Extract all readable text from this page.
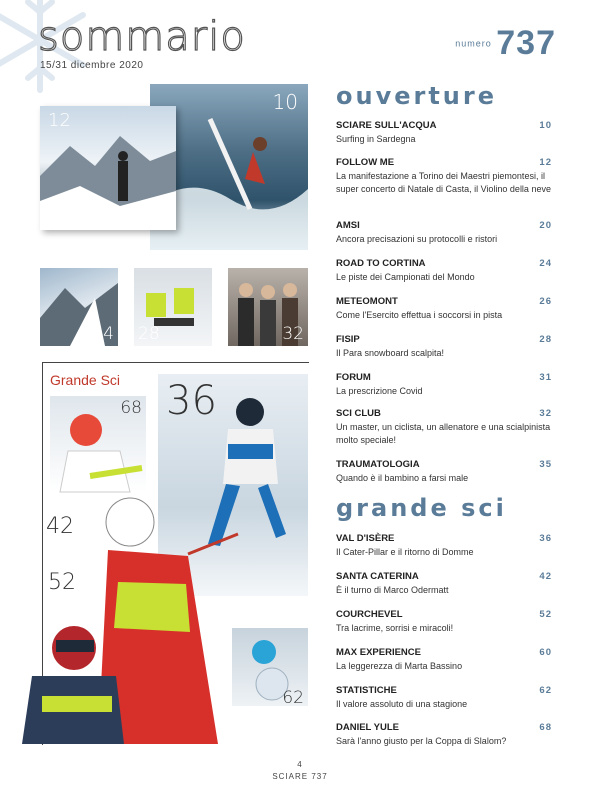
sommario
15/31 dicembre 2020
numero 737
10
12
24 28	32
Grande Sci 36
68
42
52
62
ouverture
SCIARE SULL'ACQUA	10
Surfing in Sardegna
FOLLOW ME	12
La manifestazione a Torino dei Maestri piemontesi, il super concerto di Natale di Casta, il Violino della neve
AMSI	20
Ancora precisazioni su protocolli e ristori
ROAD TO CORTINA	24
Le piste dei Campionati del Mondo
METEOMONT	26
Come l'Esercito effettua i soccorsi in pista
FISIP	28
Il Para snowboard scalpita!
FORUM	31
La prescrizione Covid
SCI CLUB	32
Un master, un ciclista, un allenatore e una scialpinista molto speciale!
TRAUMATOLOGIA	35
Quando è il bambino a farsi male
grande sci
VAL D'ISÈRE	36
Il Cater-Pillar e il ritorno di Domme
SANTA CATERINA	42
È il turno di Marco Odermatt
COURCHEVEL	52
Tra lacrime, sorrisi e miracoli!
MAX EXPERIENCE	60
La leggerezza di Marta Bassino
STATISTICHE	62
Il valore assoluto di una stagione
DANIEL YULE	68
Sarà l'anno giusto per la Coppa di Slalom?
4
SCIARE 737
